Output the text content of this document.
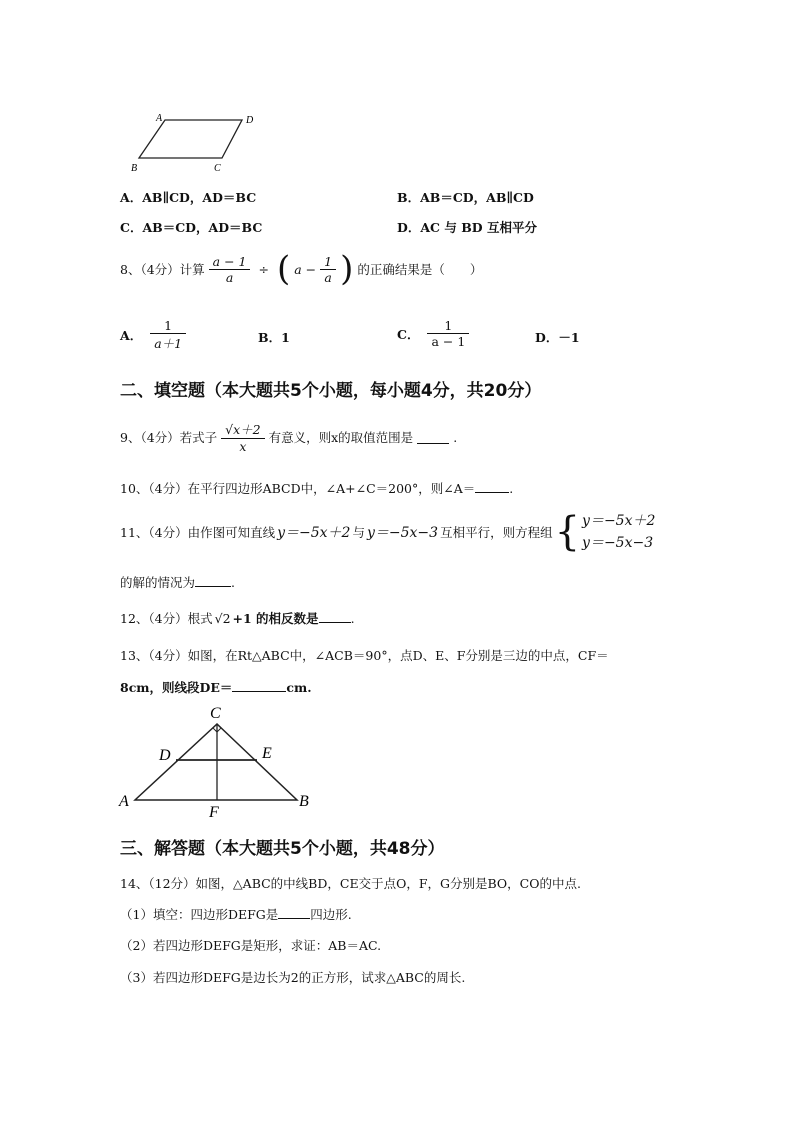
A	D
B	C
A．AB∥CD，AD＝BC	B．AB＝CD，AB∥CD
C．AB＝CD，AD＝BC	D．AC 与 BD 互相平分
8、（4分）计算 $\frac{a - 1}{a}$ ÷ ( $a - \frac{1}{a}$ ) 的正确结果是（　　）
A． $\frac{1}{a+1}$	B．1	C． $\frac{1}{a - 1}$	D．－1
二、填空题（本大题共5个小题，每小题4分，共20分）
9、（4分）若式子 $\frac{√x+2}{x}$ 有意义，则x的取值范围是	.
10、（4分）在平行四边形ABCD中，∠A+∠C＝200°，则∠A＝	.
11、（4分）由作图可知直线 y＝−5x＋2 与 y＝−5x−3 互相平行，则方程组 { y＝−5x＋2
y＝−5x−3
的解的情况为	.
12、（4分）根式 √2 +1 的相反数是	.
13、（4分）如图，在Rt△ABC中，∠ACB＝90°，点D、E、F分别是三边的中点，CF＝
8cm，则线段DE＝	cm.
C
D	E
A	B
F
三、解答题（本大题共5个小题，共48分）
14、（12分）如图，△ABC的中线BD，CE交于点O，F，G分别是BO，CO的中点.
（1）填空：四边形DEFG是	四边形.
（2）若四边形DEFG是矩形，求证：AB＝AC.
（3）若四边形DEFG是边长为2的正方形，试求△ABC的周长.
